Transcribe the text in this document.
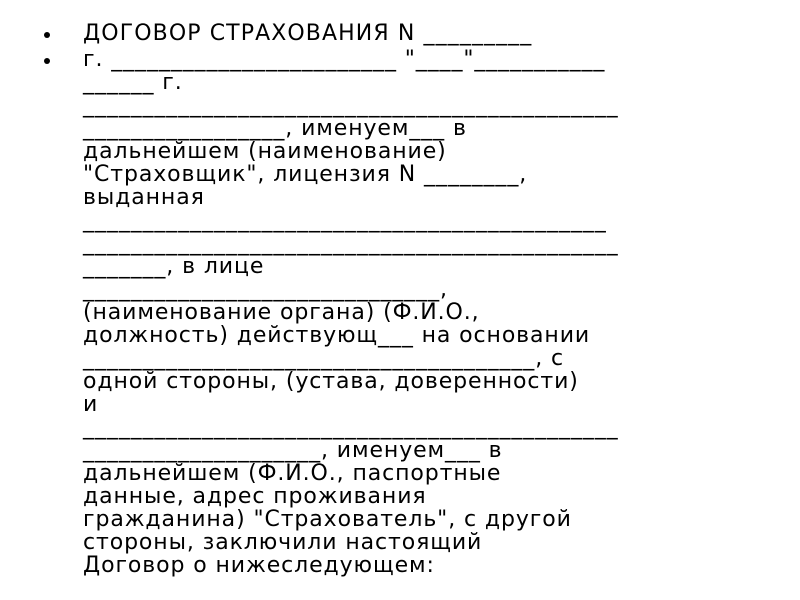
ДОГОВОР СТРАХОВАНИЯ N _________
г. ________________________ "____"___________
______ г.
_____________________________________________
_________________, именуем___ в
дальнейшем (наименование)
"Страховщик", лицензия N ________,
выданная
____________________________________________
_____________________________________________
_______, в лице
______________________________,
(наименование органа) (Ф.И.О.,
должность) действующ___ на основании
______________________________________, с
одной стороны, (устава, доверенности)
и
_____________________________________________
____________________, именуем___ в
дальнейшем (Ф.И.О., паспортные
данные, адрес проживания
гражданина) "Страхователь", с другой
стороны, заключили настоящий
Договор о нижеследующем:
